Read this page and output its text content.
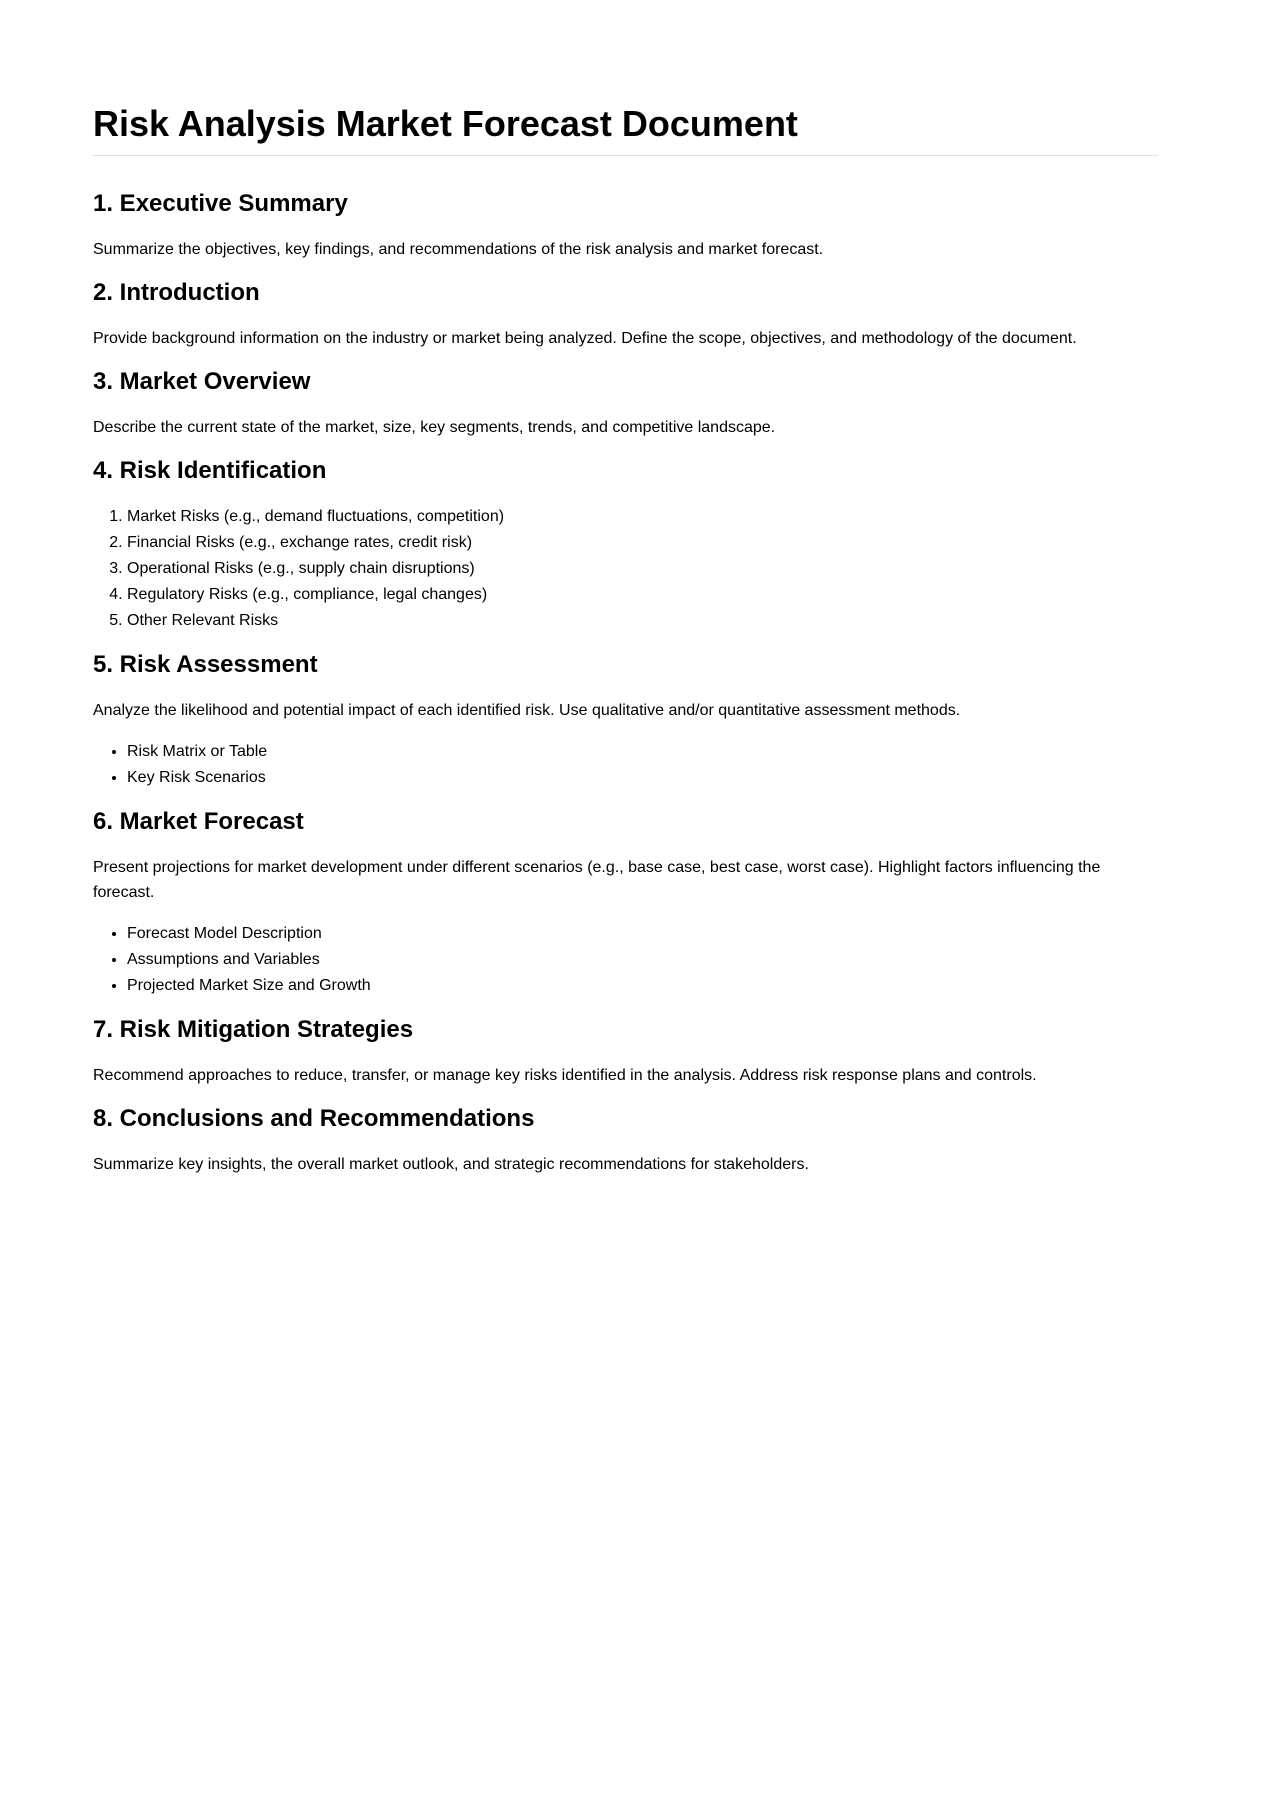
Risk Analysis Market Forecast Document
1. Executive Summary

Summarize the objectives, key findings, and recommendations of the risk analysis and market forecast.

2. Introduction

Provide background information on the industry or market being analyzed. Define the scope, objectives, and methodology of the document.

3. Market Overview

Describe the current state of the market, size, key segments, trends, and competitive landscape.

4. Risk Identification
1. Market Risks (e.g., demand fluctuations, competition)
2. Financial Risks (e.g., exchange rates, credit risk)
3. Operational Risks (e.g., supply chain disruptions)
4. Regulatory Risks (e.g., compliance, legal changes)
5. Other Relevant Risks
5. Risk Assessment

Analyze the likelihood and potential impact of each identified risk. Use qualitative and/or quantitative assessment methods.

• Risk Matrix or Table
• Key Risk Scenarios
6. Market Forecast

Present projections for market development under different scenarios (e.g., base case, best case, worst case). Highlight factors influencing the forecast.

• Forecast Model Description
• Assumptions and Variables
• Projected Market Size and Growth
7. Risk Mitigation Strategies

Recommend approaches to reduce, transfer, or manage key risks identified in the analysis. Address risk response plans and controls.

8. Conclusions and Recommendations

Summarize key insights, the overall market outlook, and strategic recommendations for stakeholders.
